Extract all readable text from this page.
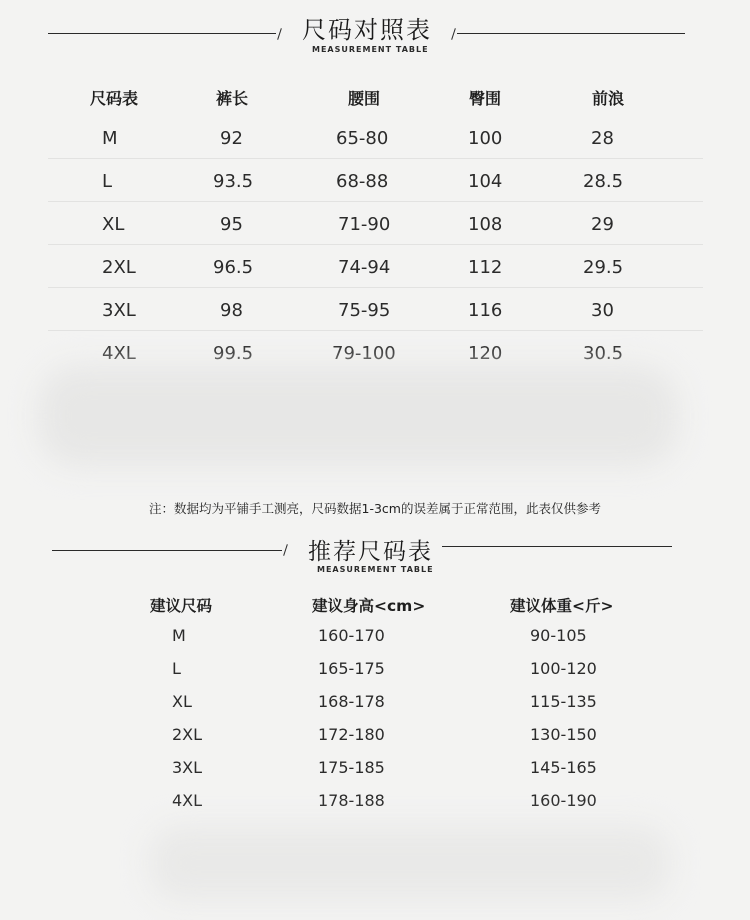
尺码对照表
MEASUREMENT TABLE
尺码表	裤长	腰围	臀围	前浪
M	92	65-80	100	28
L	93.5	68-88	104	28.5
XL	95	71-90	108	29
2XL	96.5	74-94	112	29.5
3XL	98	75-95	116	30
4XL	99.5	79-100	120	30.5
注：数据均为平铺手工测亮，尺码数据1-3cm的误差属于正常范围，此表仅供参考
推荐尺码表
MEASUREMENT TABLE
建议尺码	建议身高<cm>	建议体重<斤>
M	160-170	90-105
L	165-175	100-120
XL	168-178	115-135
2XL	172-180	130-150
3XL	175-185	145-165
4XL	178-188	160-190
